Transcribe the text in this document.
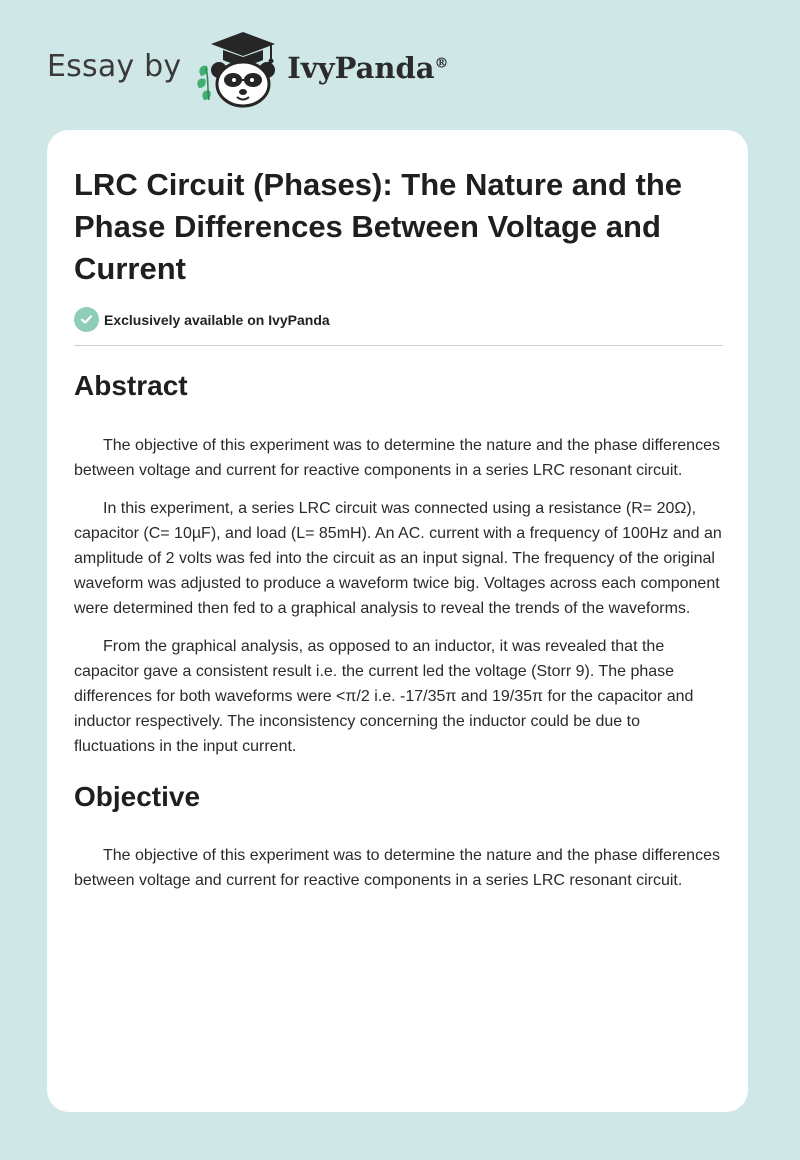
Essay by	IvyPanda®
LRC Circuit (Phases): The Nature and the Phase Differences Between Voltage and Current
Exclusively available on IvyPanda
Abstract

The objective of this experiment was to determine the nature and the phase differences between voltage and current for reactive components in a series LRC resonant circuit.

In this experiment, a series LRC circuit was connected using a resistance (R= 20Ω), capacitor (C= 10µF), and load (L= 85mH). An AC. current with a frequency of 100Hz and an amplitude of 2 volts was fed into the circuit as an input signal. The frequency of the original waveform was adjusted to produce a waveform twice big. Voltages across each component were determined then fed to a graphical analysis to reveal the trends of the waveforms.

From the graphical analysis, as opposed to an inductor, it was revealed that the capacitor gave a consistent result i.e. the current led the voltage (Storr 9). The phase differences for both waveforms were <π/2 i.e. -17/35π and 19/35π for the capacitor and inductor respectively. The inconsistency concerning the inductor could be due to fluctuations in the input current.

Objective

The objective of this experiment was to determine the nature and the phase differences between voltage and current for reactive components in a series LRC resonant circuit.
